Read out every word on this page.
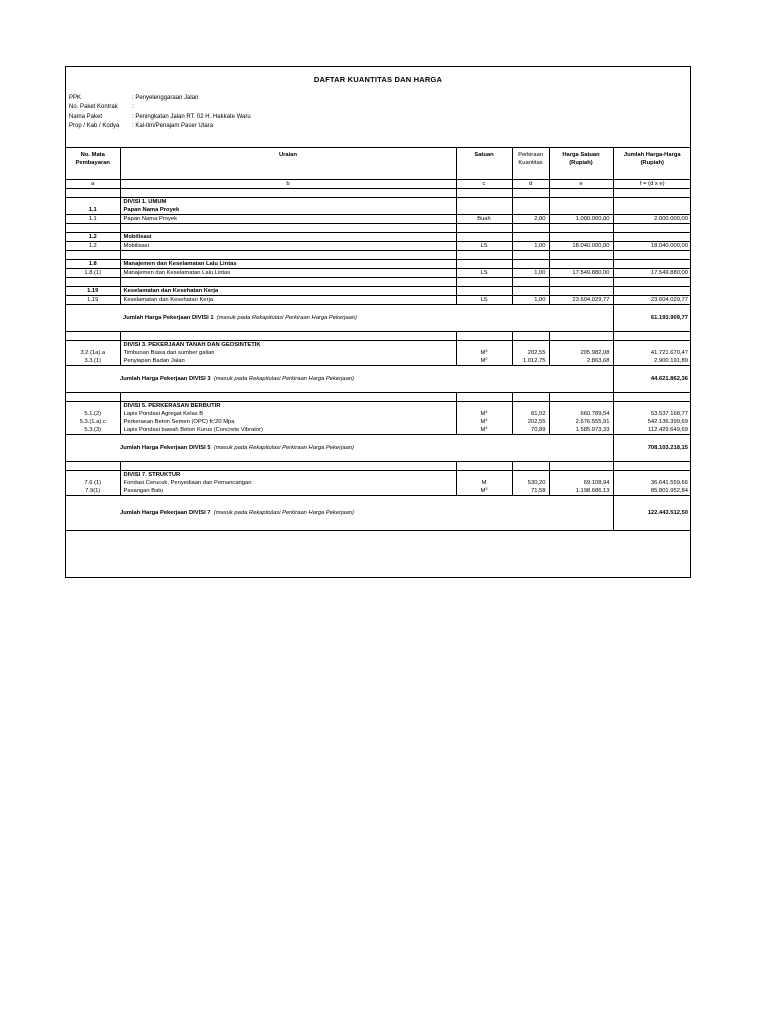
DAFTAR KUANTITAS DAN HARGA
PPK	: Penyelenggaraan Jalan
No. Paket Kontrak	:
Nama Paket	: Peningkatan Jalan RT. 02 H. Hakkate Waru
Prop / Kab / Kodya	: Kal-tim/Penajam Paser Utara
No. Mata Pembayaran	Uraian	Satuan	Perkiraan Kuantitas	Harga Satuan (Rupiah)	Jumlah Harga-Harga (Rupiah)
a	b	c	d	e	f = (d x e)

	DIVISI 1. UMUM				
1,1	Papan Nama Proyek				
1.1	Papan Nama Proyek	Buah	2,00	1.000.000,00	2.000.000,00

1.2	Mobilisasi				
1.2	Mobilisasi	LS	1,00	18.040.000,00	18.040.000,00

1.8	Manajemen dan Keselamatan Lalu Lintas				
1.8.(1)	Manajemen dan Keselamatan Lalu Lintas	LS	1,00	17.549.880,00	17.549.880,00

1.19	Keselamatan dan Kesehatan Kerja				
1.19	Keselamatan dan Kesehatan Kerja	LS	1,00	23.604.029,77	23.604.029,77
	Jumlah Harga Pekerjaan DIVISI 1 (masuk pada Rekapitulasi Perkiraan Harga Pekerjaan)				61.193.909,77

	DIVISI 3. PEKERJAAN TANAH DAN GEOSINTETIK				
3.2.(1a).a	Timbunan Biasa dari sumber galian	$M^3$	202,55	205.982,08	41.721.670,47
3.3.(1)	Penyiapan Badan Jalan	$M^2$	1.012,75	2.863,68	2.900.191,89
Jumlah Harga Pekerjaan DIVISI 3 (masuk pada Rekapitulasi Perkiraan Harga Pekerjaan)					44.621.862,36

	DIVISI 5. PERKERASAN BERBUTIR				
5.1.(2)	Lapis Pondasi Agregat Kelas B	$M^3$	81,02	660.789,54	53.537.168,77
5.3.(1.a).c	Perkerasan Beton Semen (OPC) fc'20 Mpa	$M^3$	202,55	2.676.555,91	542.136.399,69
5.3.(3)	Lapis Pondasi bawah Beton Kurus (Concrete Vibrator)	$M^3$	70,89	1.585.973,33	112.429.649,69
Jumlah Harga Pekerjaan DIVISI 5 (masuk pada Rekapitulasi Perkiraan Harga Pekerjaan)					708.103.218,15

	DIVISI 7. STRUKTUR				
7.6 (1)	Fondasi Cerucuk, Penyediaan dan Pemancangan	M	530,20	69.108,94	36.641.559,66
7.9(1)	Pasangan Batu	$M^3$	71,58	1.198.686,13	85.801.952,84
Jumlah Harga Pekerjaan DIVISI 7 (masuk pada Rekapitulasi Perkiraan Harga Pekerjaan)					122.443.512,50
